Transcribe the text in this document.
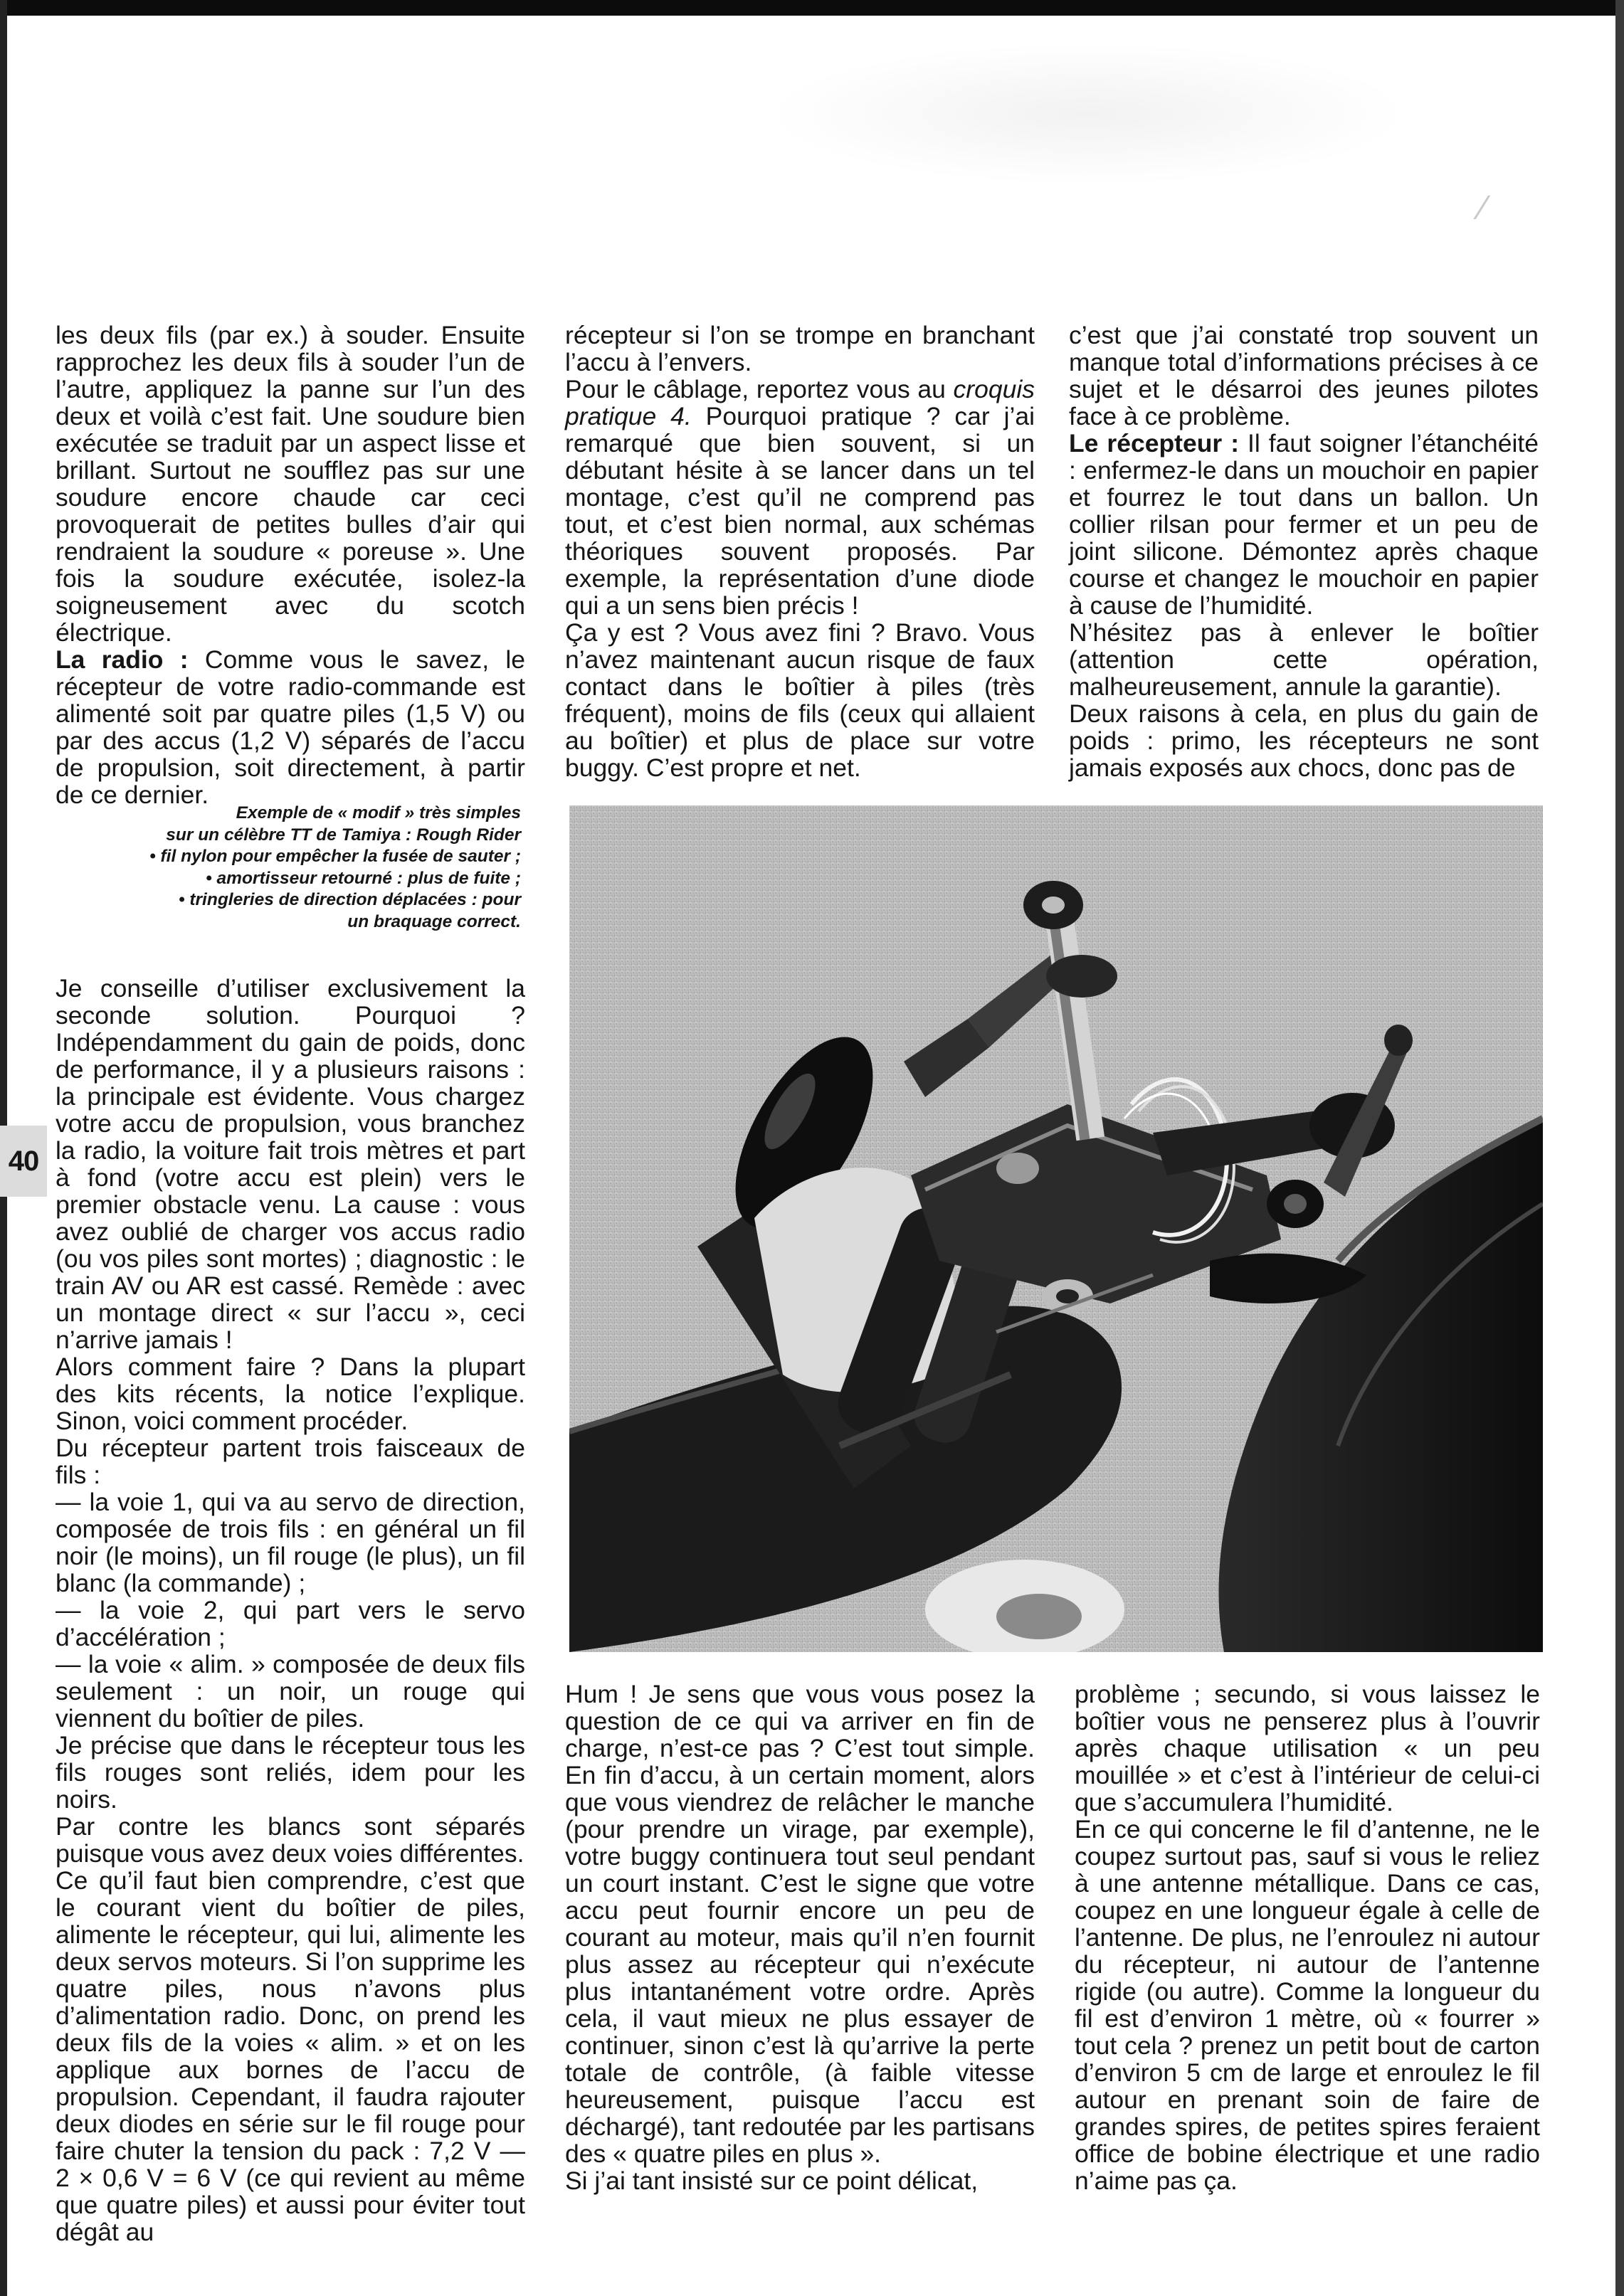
⁄

les deux fils (par ex.) à souder. Ensuite rapprochez les deux fils à souder l’un de l’autre, appliquez la panne sur l’un des deux et voilà c’est fait. Une soudure bien exécutée se traduit par un aspect lisse et brillant. Surtout ne soufflez pas sur une soudure encore chaude car ceci provoquerait de petites bulles d’air qui rendraient la soudure « poreuse ». Une fois la soudure exécutée, isolez-la soigneusement avec du scotch électrique.

La radio : Comme vous le savez, le récepteur de votre radio-commande est alimenté soit par quatre piles (1,5 V) ou par des accus (1,2 V) séparés de l’accu de propulsion, soit directement, à partir de ce dernier.

récepteur si l’on se trompe en branchant l’accu à l’envers.

Pour le câblage, reportez vous au croquis pratique 4. Pourquoi pratique ? car j’ai remarqué que bien souvent, si un débutant hésite à se lancer dans un tel montage, c’est qu’il ne comprend pas tout, et c’est bien normal, aux schémas théoriques souvent proposés. Par exemple, la représentation d’une diode qui a un sens bien précis !

Ça y est ? Vous avez fini ? Bravo. Vous n’avez maintenant aucun risque de faux contact dans le boîtier à piles (très fréquent), moins de fils (ceux qui allaient au boîtier) et plus de place sur votre buggy. C’est propre et net.

c’est que j’ai constaté trop souvent un manque total d’informations précises à ce sujet et le désarroi des jeunes pilotes face à ce problème.

Le récepteur : Il faut soigner l’étanchéité : enfermez-le dans un mouchoir en papier et fourrez le tout dans un ballon. Un collier rilsan pour fermer et un peu de joint silicone. Démontez après chaque course et changez le mouchoir en papier à cause de l’humidité.

N’hésitez pas à enlever le boîtier (attention cette opération, malheureusement, annule la garantie).

Deux raisons à cela, en plus du gain de poids : primo, les récepteurs ne sont jamais exposés aux chocs, donc pas de

Exemple de « modif » très simples
sur un célèbre TT de Tamiya : Rough Rider
• fil nylon pour empêcher la fusée de sauter ;
• amortisseur retourné : plus de fuite ;
• tringleries de direction déplacées : pour
un braquage correct.
40

Je conseille d’utiliser exclusivement la seconde solution. Pourquoi ? Indépendamment du gain de poids, donc de performance, il y a plusieurs raisons : la principale est évidente. Vous chargez votre accu de propulsion, vous branchez la radio, la voiture fait trois mètres et part à fond (votre accu est plein) vers le premier obstacle venu. La cause : vous avez oublié de charger vos accus radio (ou vos piles sont mortes) ; diagnostic : le train AV ou AR est cassé. Remède : avec un montage direct « sur l’accu », ceci n’arrive jamais !

Alors comment faire ? Dans la plupart des kits récents, la notice l’explique. Sinon, voici comment procéder.

Du récepteur partent trois faisceaux de fils :

— la voie 1, qui va au servo de direction, composée de trois fils : en général un fil noir (le moins), un fil rouge (le plus), un fil blanc (la commande) ;

— la voie 2, qui part vers le servo d’accélération ;

— la voie « alim. » composée de deux fils seulement : un noir, un rouge qui viennent du boîtier de piles.

Je précise que dans le récepteur tous les fils rouges sont reliés, idem pour les noirs.

Par contre les blancs sont séparés puisque vous avez deux voies différentes.

Ce qu’il faut bien comprendre, c’est que le courant vient du boîtier de piles, alimente le récepteur, qui lui, alimente les deux servos moteurs. Si l’on supprime les quatre piles, nous n’avons plus d’alimentation radio. Donc, on prend les deux fils de la voies « alim. » et on les applique aux bornes de l’accu de propulsion. Cependant, il faudra rajouter deux diodes en série sur le fil rouge pour faire chuter la tension du pack : 7,2 V — 2 × 0,6 V = 6 V (ce qui revient au même que quatre piles) et aussi pour éviter tout dégât au

Hum ! Je sens que vous vous posez la question de ce qui va arriver en fin de charge, n’est-ce pas ? C’est tout simple. En fin d’accu, à un certain moment, alors que vous viendrez de relâcher le manche (pour prendre un virage, par exemple), votre buggy continuera tout seul pendant un court instant. C’est le signe que votre accu peut fournir encore un peu de courant au moteur, mais qu’il n’en fournit plus assez au récepteur qui n’exécute plus intantanément votre ordre. Après cela, il vaut mieux ne plus essayer de continuer, sinon c’est là qu’arrive la perte totale de contrôle, (à faible vitesse heureusement, puisque l’accu est déchargé), tant redoutée par les partisans des « quatre piles en plus ».

Si j’ai tant insisté sur ce point délicat,

problème ; secundo, si vous laissez le boîtier vous ne penserez plus à l’ouvrir après chaque utilisation « un peu mouillée » et c’est à l’intérieur de celui-ci que s’accumulera l’humidité.

En ce qui concerne le fil d’antenne, ne le coupez surtout pas, sauf si vous le reliez à une antenne métallique. Dans ce cas, coupez en une longueur égale à celle de l’antenne. De plus, ne l’enroulez ni autour du récepteur, ni autour de l’antenne rigide (ou autre). Comme la longueur du fil est d’environ 1 mètre, où « fourrer » tout cela ? prenez un petit bout de carton d’environ 5 cm de large et enroulez le fil autour en prenant soin de faire de grandes spires, de petites spires feraient office de bobine électrique et une radio n’aime pas ça.
